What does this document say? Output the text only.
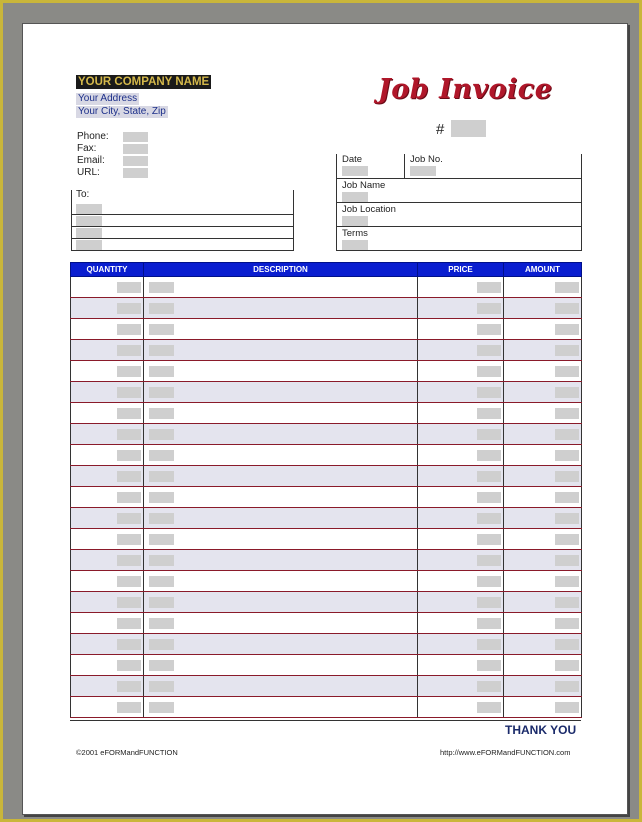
YOUR COMPANY NAME
Your Address
Your City, State, Zip
Job Invoice
#
Phone:
Fax:
Email:
URL:
To:
Date	Job No.
Job Name
Job Location
Terms
QUANTITY	DESCRIPTION	PRICE	AMOUNT

THANK YOU
©2001 eFORMandFUNCTION	http://www.eFORMandFUNCTION.com
